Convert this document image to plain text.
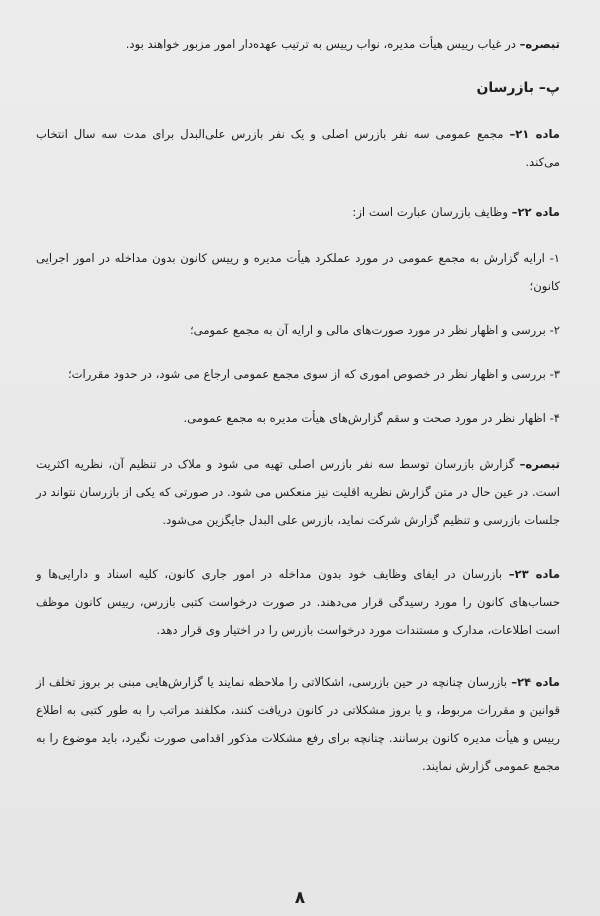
تبصره– در غیاب رییس هیأت مدیره، نواب رییس به ترتیب عهده‌دار امور مزبور خواهند بود.
پ– بازرسان
ماده ۲۱– مجمع عمومی سه نفر بازرس اصلی و یک نفر بازرس علی‌البدل برای مدت سه سال انتخاب می‌کند.
ماده ۲۲– وظایف بازرسان عبارت است از:
۱- ارایه گزارش به مجمع عمومی در مورد عملکرد هیأت مدیره و رییس کانون بدون مداخله در امور اجرایی کانون؛
۲- بررسی و اظهار نظر در مورد صورت‌های مالی و ارایه آن به مجمع عمومی؛
۳- بررسی و اظهار نظر در خصوص اموری که از سوی مجمع عمومی ارجاع می شود، در حدود مقررات؛
۴- اظهار نظر در مورد صحت و سقم گزارش‌های هیأت مدیره به مجمع عمومی.
تبصره– گزارش بازرسان توسط سه نفر بازرس اصلی تهیه می شود و ملاک در تنظیم آن، نظریه اکثریت است. در عین حال در متن گزارش نظریه اقلیت نیز منعکس می شود. در صورتی که یکی از بازرسان نتواند در جلسات بازرسی و تنظیم گزارش شرکت نماید، بازرس علی البدل جایگزین می‌شود.
ماده ۲۳– بازرسان در ایفای وظایف خود بدون مداخله در امور جاری کانون، کلیه اسناد و دارایی‌ها و حساب‌های کانون را مورد رسیدگی قرار می‌دهند. در صورت درخواست کتبی بازرس، رییس کانون موظف است اطلاعات، مدارک و مستندات مورد درخواست بازرس را در اختیار وی قرار دهد.
ماده ۲۴– بازرسان چنانچه در حین بازرسی، اشکالاتی را ملاحظه نمایند یا گزارش‌هایی مبنی بر بروز تخلف از قوانین و مقررات مربوط، و یا بروز مشکلاتی در کانون دریافت کنند، مکلفند مراتب را به طور کتبی به اطلاع رییس و هیأت مدیره کانون برسانند. چنانچه برای رفع مشکلات مذکور اقدامی صورت نگیرد، باید موضوع را به مجمع عمومی گزارش نمایند.
۸
